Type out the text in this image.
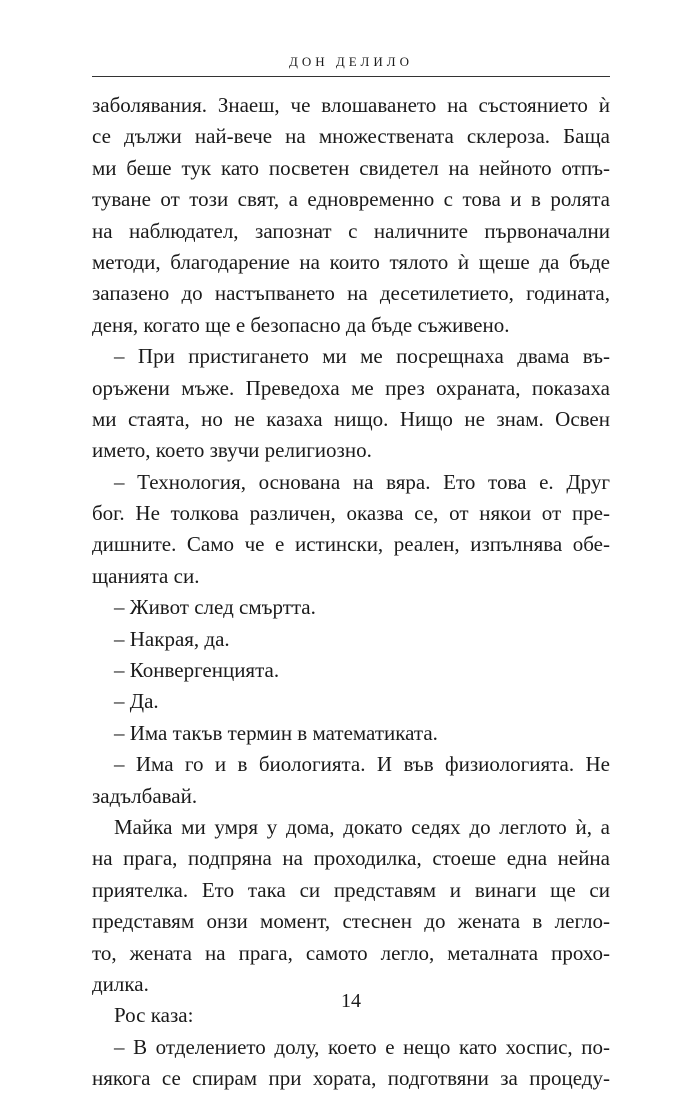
ДОН ДЕЛИЛО
заболявания. Знаеш, че влошаването на състоянието ѝ
се дължи най-вече на множествената склероза. Баща
ми беше тук като посветен свидетел на нейното отпъ-
туване от този свят, а едновременно с това и в ролята
на наблюдател, запознат с наличните първоначални
методи, благодарение на които тялото ѝ щеше да бъде
запазено до настъпването на десетилетието, годината,
деня, когато ще е безопасно да бъде съживено.
– При пристигането ми ме посрещнаха двама въ-
оръжени мъже. Преведоха ме през охраната, показаха
ми стаята, но не казаха нищо. Нищо не знам. Освен
името, което звучи религиозно.
– Технология, основана на вяра. Ето това е. Друг
бог. Не толкова различен, оказва се, от някои от пре-
дишните. Само че е истински, реален, изпълнява обе-
щанията си.
– Живот след смъртта.
– Накрая, да.
– Конвергенцията.
– Да.
– Има такъв термин в математиката.
– Има го и в биологията. И във физиологията. Не
задълбавай.
Майка ми умря у дома, докато седях до леглото ѝ, а
на прага, подпряна на проходилка, стоеше една нейна
приятелка. Ето така си представям и винаги ще си
представям онзи момент, стеснен до жената в легло-
то, жената на прага, самото легло, металната прохо-
дилка.
Рос каза:
– В отделението долу, което е нещо като хоспис, по-
някога се спирам при хората, подготвяни за процеду-
14
